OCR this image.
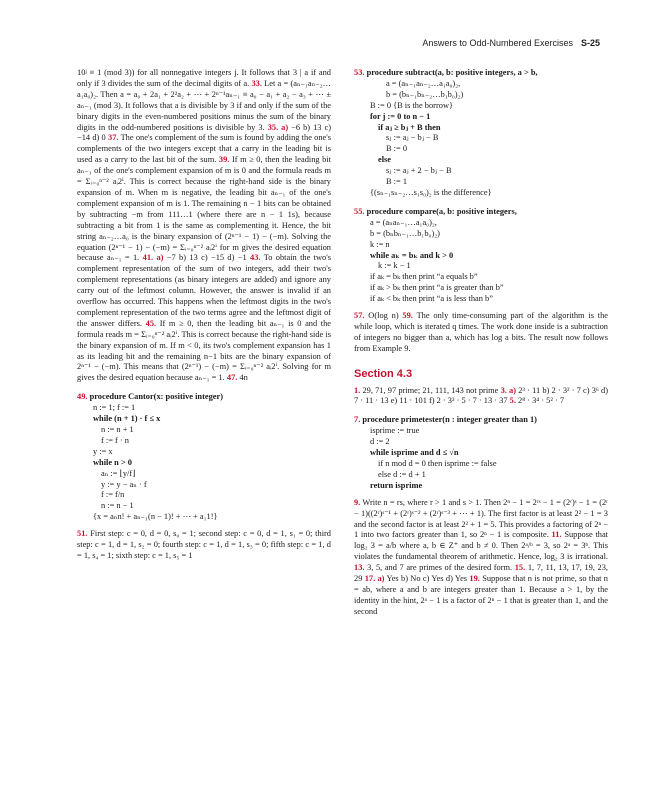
Answers to Odd-Numbered Exercises S-25

10ʲ ≡ 1 (mod 3)) for all nonnegative integers j. It follows that 3 | a if and only if 3 divides the sum of the decimal digits of a. 33. Let a = (aₙ₋₁aₙ₋₂…a₁a₀)₂. Then a = a₀ + 2a₁ + 2²a₂ + ⋯ + 2ⁿ⁻¹aₙ₋₁ ≡ a₀ − a₁ + a₂ − a₃ + ⋯ ± aₙ₋₁ (mod 3). It follows that a is divisible by 3 if and only if the sum of the binary digits in the even-numbered positions minus the sum of the binary digits in the odd-numbered positions is divisible by 3. 35. a) −6 b) 13 c) −14 d) 0 37. The one's complement of the sum is found by adding the one's complements of the two integers except that a carry in the leading bit is used as a carry to the last bit of the sum. 39. If m ≥ 0, then the leading bit aₙ₋₁ of the one's complement expansion of m is 0 and the formula reads m = Σᵢ₌₀ⁿ⁻² aᵢ2ⁱ. This is correct because the right-hand side is the binary expansion of m. When m is negative, the leading bit aₙ₋₁ of the one's complement expansion of m is 1. The remaining n − 1 bits can be obtained by subtracting −m from 111…1 (where there are n − 1 1s), because subtracting a bit from 1 is the same as complementing it. Hence, the bit string aₙ₋₂…a₀ is the binary expansion of (2ⁿ⁻¹ − 1) − (−m). Solving the equation (2ⁿ⁻¹ − 1) − (−m) = Σᵢ₌₀ⁿ⁻² aᵢ2ⁱ for m gives the desired equation because aₙ₋₁ = 1. 41. a) −7 b) 13 c) −15 d) −1 43. To obtain the two's complement representation of the sum of two integers, add their two's complement representations (as binary integers are added) and ignore any carry out of the leftmost column. However, the answer is invalid if an overflow has occurred. This happens when the leftmost digits in the two's complement representation of the two terms agree and the leftmost digit of the answer differs. 45. If m ≥ 0, then the leading bit aₙ₋₁ is 0 and the formula reads m = Σᵢ₌₀ⁿ⁻² aᵢ2ⁱ. This is correct because the right-hand side is the binary expansion of m. If m < 0, its two's complement expansion has 1 as its leading bit and the remaining n−1 bits are the binary expansion of 2ⁿ⁻¹ − (−m). This means that (2ⁿ⁻¹) − (−m) = Σᵢ₌₀ⁿ⁻² aᵢ2ⁱ. Solving for m gives the desired equation because aₙ₋₁ = 1. 47. 4n

49. procedure Cantor(x: positive integer)
n := 1; f := 1
while (n + 1) · f ≤ x
n := n + 1
f := f · n
y := x
while n > 0
aₙ := ⌊y/f⌋
y := y − aₙ · f
f := f/n
n := n − 1
{x = aₙn! + aₙ₋₁(n − 1)! + ⋯ + a₁1!}

51. First step: c = 0, d = 0, s₀ = 1; second step: c = 0, d = 1, s₁ = 0; third step: c = 1, d = 1, s₂ = 0; fourth step: c = 1, d = 1, s₃ = 0; fifth step: c = 1, d = 1, s₄ = 1; sixth step: c = 1, s₅ = 1

53. procedure subtract(a, b: positive integers, a > b,
a = (aₙ₋₁aₙ₋₂…a₁a₀)₂,
b = (bₙ₋₁bₙ₋₂…b₁b₀)₂)
B := 0 {B is the borrow}
for j := 0 to n − 1
if aⱼ ≥ bⱼ + B then
sⱼ := aⱼ − bⱼ − B
B := 0
else
sⱼ := aⱼ + 2 − bⱼ − B
B := 1
{(sₙ₋₁sₙ₋₂…s₁s₀)₂ is the difference}
55. procedure compare(a, b: positive integers,
a = (aₙaₙ₋₁…a₁a₀)₂,
b = (bₙbₙ₋₁…b₁b₀)₂)
k := n
while aₖ = bₖ and k > 0
k := k − 1
if aₖ = bₖ then print “a equals b”
if aₖ > bₖ then print “a is greater than b”
if aₖ < bₖ then print “a is less than b”

57. O(log n) 59. The only time-consuming part of the algorithm is the while loop, which is iterated q times. The work done inside is a subtraction of integers no bigger than a, which has log a bits. The result now follows from Example 9.

Section 4.3

1. 29, 71, 97 prime; 21, 111, 143 not prime 3. a) 2³ · 11 b) 2 · 3² · 7 c) 3⁶ d) 7 · 11 · 13 e) 11 · 101 f) 2 · 3³ · 5 · 7 · 13 · 37 5. 2⁸ · 3⁴ · 5² · 7

7. procedure primetester(n : integer greater than 1)
isprime := true
d := 2
while isprime and d ≤ √n
if n mod d = 0 then isprime := false
else d := d + 1
return isprime

9. Write n = rs, where r > 1 and s > 1. Then 2ⁿ − 1 = 2ʳˢ − 1 = (2ʳ)ˢ − 1 = (2ʳ − 1)((2ʳ)ˢ⁻¹ + (2ʳ)ˢ⁻² + (2ʳ)ˢ⁻³ + ⋯ + 1). The first factor is at least 2² − 1 = 3 and the second factor is at least 2² + 1 = 5. This provides a factoring of 2ⁿ − 1 into two factors greater than 1, so 2ⁿ − 1 is composite. 11. Suppose that log₂ 3 = a/b where a, b ∈ Z⁺ and b ≠ 0. Then 2ᵃ/ᵇ = 3, so 2ᵃ = 3ᵇ. This violates the fundamental theorem of arithmetic. Hence, log₂ 3 is irrational. 13. 3, 5, and 7 are primes of the desired form. 15. 1, 7, 11, 13, 17, 19, 23, 29 17. a) Yes b) No c) Yes d) Yes 19. Suppose that n is not prime, so that n = ab, where a and b are integers greater than 1. Because a > 1, by the identity in the hint, 2ᵃ − 1 is a factor of 2ⁿ − 1 that is greater than 1, and the second
